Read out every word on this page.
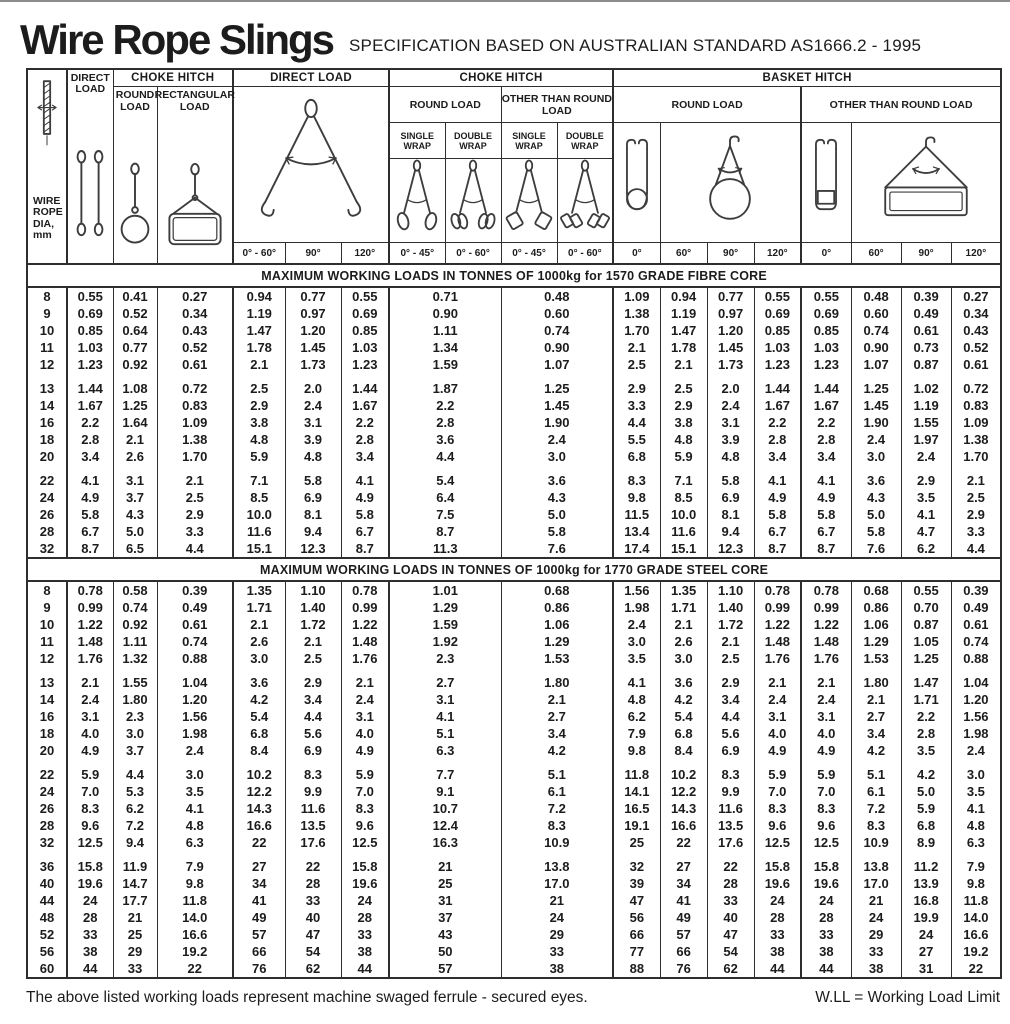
Wire Rope Slings SPECIFICATION BASED ON AUSTRALIAN STANDARD AS1666.2 - 1995
WIRE
ROPE
DIA,
mm	DIRECT LOAD	CHOKE HITCH		DIRECT LOAD			CHOKE HITCH				BASKET HITCH							

		ROUND LOAD	RECTANGULAR LOAD				ROUND LOAD		OTHER THAN ROUND LOAD		ROUND LOAD				OTHER THAN ROUND LOAD			
							SINGLE WRAP	DOUBLE WRAP	SINGLE WRAP	DOUBLE WRAP				

				0° - 60°	90°	120°	0° - 45°	0° - 60°	0° - 45°	0° - 60°	0°	60°	90°	120°	0°	60°	90°	120°
MAXIMUM WORKING LOADS IN TONNES OF 1000kg for 1570 GRADE FIBRE CORE																		
8	0.55	0.41	0.27	0.94	0.77	0.55	0.71		0.48		1.09	0.94	0.77	0.55	0.55	0.48	0.39	0.27
9	0.69	0.52	0.34	1.19	0.97	0.69	0.90		0.60		1.38	1.19	0.97	0.69	0.69	0.60	0.49	0.34
10	0.85	0.64	0.43	1.47	1.20	0.85	1.11		0.74		1.70	1.47	1.20	0.85	0.85	0.74	0.61	0.43
11	1.03	0.77	0.52	1.78	1.45	1.03	1.34		0.90		2.1	1.78	1.45	1.03	1.03	0.90	0.73	0.52
12	1.23	0.92	0.61	2.1	1.73	1.23	1.59		1.07		2.5	2.1	1.73	1.23	1.23	1.07	0.87	0.61

13	1.44	1.08	0.72	2.5	2.0	1.44	1.87		1.25		2.9	2.5	2.0	1.44	1.44	1.25	1.02	0.72
14	1.67	1.25	0.83	2.9	2.4	1.67	2.2		1.45		3.3	2.9	2.4	1.67	1.67	1.45	1.19	0.83
16	2.2	1.64	1.09	3.8	3.1	2.2	2.8		1.90		4.4	3.8	3.1	2.2	2.2	1.90	1.55	1.09
18	2.8	2.1	1.38	4.8	3.9	2.8	3.6		2.4		5.5	4.8	3.9	2.8	2.8	2.4	1.97	1.38
20	3.4	2.6	1.70	5.9	4.8	3.4	4.4		3.0		6.8	5.9	4.8	3.4	3.4	3.0	2.4	1.70

22	4.1	3.1	2.1	7.1	5.8	4.1	5.4		3.6		8.3	7.1	5.8	4.1	4.1	3.6	2.9	2.1
24	4.9	3.7	2.5	8.5	6.9	4.9	6.4		4.3		9.8	8.5	6.9	4.9	4.9	4.3	3.5	2.5
26	5.8	4.3	2.9	10.0	8.1	5.8	7.5		5.0		11.5	10.0	8.1	5.8	5.8	5.0	4.1	2.9
28	6.7	5.0	3.3	11.6	9.4	6.7	8.7		5.8		13.4	11.6	9.4	6.7	6.7	5.8	4.7	3.3
32	8.7	6.5	4.4	15.1	12.3	8.7	11.3		7.6		17.4	15.1	12.3	8.7	8.7	7.6	6.2	4.4
MAXIMUM WORKING LOADS IN TONNES OF 1000kg for 1770 GRADE STEEL CORE																		
8	0.78	0.58	0.39	1.35	1.10	0.78	1.01		0.68		1.56	1.35	1.10	0.78	0.78	0.68	0.55	0.39
9	0.99	0.74	0.49	1.71	1.40	0.99	1.29		0.86		1.98	1.71	1.40	0.99	0.99	0.86	0.70	0.49
10	1.22	0.92	0.61	2.1	1.72	1.22	1.59		1.06		2.4	2.1	1.72	1.22	1.22	1.06	0.87	0.61
11	1.48	1.11	0.74	2.6	2.1	1.48	1.92		1.29		3.0	2.6	2.1	1.48	1.48	1.29	1.05	0.74
12	1.76	1.32	0.88	3.0	2.5	1.76	2.3		1.53		3.5	3.0	2.5	1.76	1.76	1.53	1.25	0.88

13	2.1	1.55	1.04	3.6	2.9	2.1	2.7		1.80		4.1	3.6	2.9	2.1	2.1	1.80	1.47	1.04
14	2.4	1.80	1.20	4.2	3.4	2.4	3.1		2.1		4.8	4.2	3.4	2.4	2.4	2.1	1.71	1.20
16	3.1	2.3	1.56	5.4	4.4	3.1	4.1		2.7		6.2	5.4	4.4	3.1	3.1	2.7	2.2	1.56
18	4.0	3.0	1.98	6.8	5.6	4.0	5.1		3.4		7.9	6.8	5.6	4.0	4.0	3.4	2.8	1.98
20	4.9	3.7	2.4	8.4	6.9	4.9	6.3		4.2		9.8	8.4	6.9	4.9	4.9	4.2	3.5	2.4

22	5.9	4.4	3.0	10.2	8.3	5.9	7.7		5.1		11.8	10.2	8.3	5.9	5.9	5.1	4.2	3.0
24	7.0	5.3	3.5	12.2	9.9	7.0	9.1		6.1		14.1	12.2	9.9	7.0	7.0	6.1	5.0	3.5
26	8.3	6.2	4.1	14.3	11.6	8.3	10.7		7.2		16.5	14.3	11.6	8.3	8.3	7.2	5.9	4.1
28	9.6	7.2	4.8	16.6	13.5	9.6	12.4		8.3		19.1	16.6	13.5	9.6	9.6	8.3	6.8	4.8
32	12.5	9.4	6.3	22	17.6	12.5	16.3		10.9		25	22	17.6	12.5	12.5	10.9	8.9	6.3

36	15.8	11.9	7.9	27	22	15.8	21		13.8		32	27	22	15.8	15.8	13.8	11.2	7.9
40	19.6	14.7	9.8	34	28	19.6	25		17.0		39	34	28	19.6	19.6	17.0	13.9	9.8
44	24	17.7	11.8	41	33	24	31		21		47	41	33	24	24	21	16.8	11.8
48	28	21	14.0	49	40	28	37		24		56	49	40	28	28	24	19.9	14.0
52	33	25	16.6	57	47	33	43		29		66	57	47	33	33	29	24	16.6
56	38	29	19.2	66	54	38	50		33		77	66	54	38	38	33	27	19.2
60	44	33	22	76	62	44	57		38		88	76	62	44	44	38	31	22
The above listed working loads represent machine swaged ferrule - secured eyes.	W.LL = Working Load Limit
